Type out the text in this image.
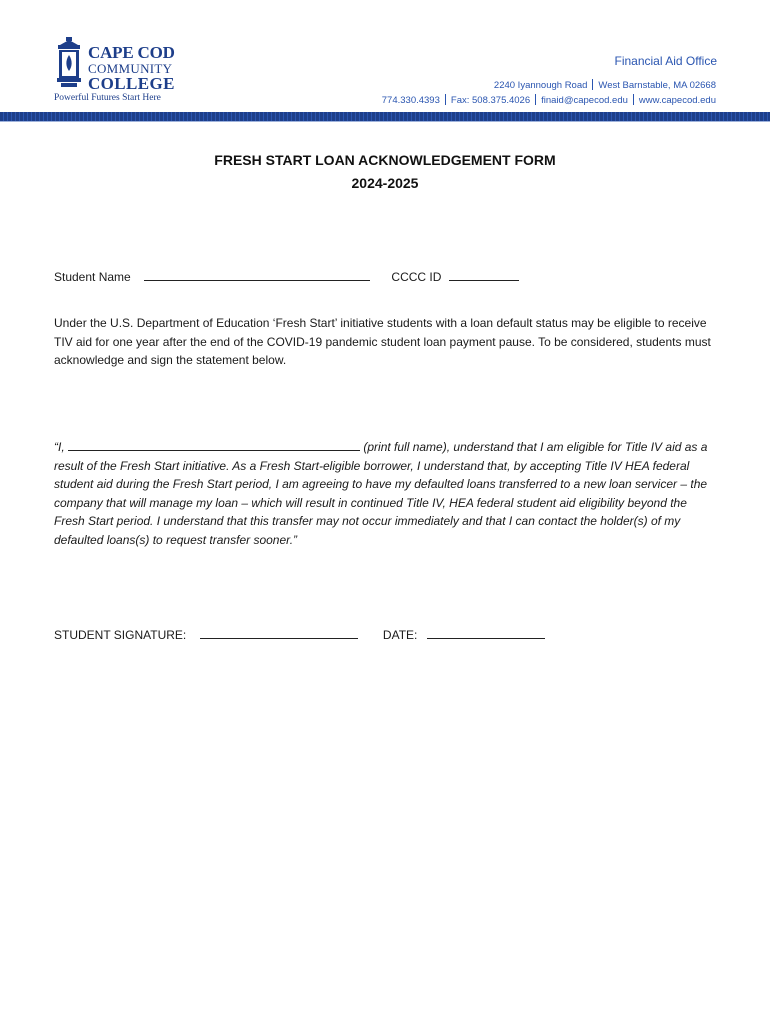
CAPE COD
COMMUNITY
COLLEGE
Powerful Futures Start Here
Financial Aid Office
2240 Iyannough Road West Barnstable, MA 02668
774.330.4393 Fax: 508.375.4026 finaid@capecod.edu www.capecod.edu
FRESH START LOAN ACKNOWLEDGEMENT FORM
2024-2025
Student Name	CCCC ID
Under the U.S. Department of Education ‘Fresh Start’ initiative students with a loan default status may be eligible to receive TIV aid for one year after the end of the COVID-19 pandemic student loan payment pause. To be considered, students must acknowledge and sign the statement below.
“I,	(print full name), understand that I am eligible for Title IV aid as a result of the Fresh Start initiative. As a Fresh Start-eligible borrower, I understand that, by accepting Title IV HEA federal student aid during the Fresh Start period, I am agreeing to have my defaulted loans transferred to a new loan servicer – the company that will manage my loan – which will result in continued Title IV, HEA federal student aid eligibility beyond the Fresh Start period. I understand that this transfer may not occur immediately and that I can contact the holder(s) of my defaulted loans(s) to request transfer sooner.”
STUDENT SIGNATURE:	DATE:
